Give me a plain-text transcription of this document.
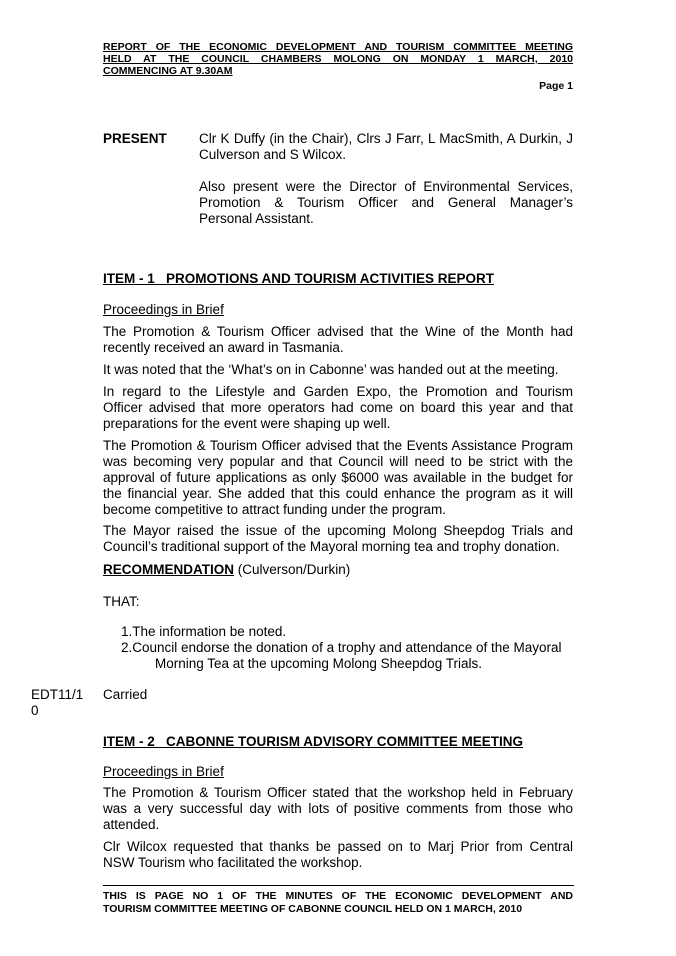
REPORT OF THE ECONOMIC DEVELOPMENT AND TOURISM COMMITTEE MEETING
HELD AT THE COUNCIL CHAMBERS MOLONG ON MONDAY 1 MARCH, 2010
COMMENCING AT 9.30AM
Page 1
PRESENT Clr K Duffy (in the Chair), Clrs J Farr, L MacSmith, A Durkin, J
Culverson and S Wilcox.
Also present were the Director of Environmental Services,
Promotion & Tourism Officer and General Manager’s
Personal Assistant.
ITEM - 1   PROMOTIONS AND TOURISM ACTIVITIES REPORT
Proceedings in Brief
The Promotion & Tourism Officer advised that the Wine of the Month had
recently received an award in Tasmania.
It was noted that the ‘What’s on in Cabonne’ was handed out at the meeting.
In regard to the Lifestyle and Garden Expo, the Promotion and Tourism
Officer advised that more operators had come on board this year and that
preparations for the event were shaping up well.
The Promotion & Tourism Officer advised that the Events Assistance Program
was becoming very popular and that Council will need to be strict with the
approval of future applications as only $6000 was available in the budget for
the financial year. She added that this could enhance the program as it will
become competitive to attract funding under the program.
The Mayor raised the issue of the upcoming Molong Sheepdog Trials and
Council’s traditional support of the Mayoral morning tea and trophy donation.
RECOMMENDATION (Culverson/Durkin)
THAT:
1.The information be noted.
2.Council endorse the donation of a trophy and attendance of the Mayoral
Morning Tea at the upcoming Molong Sheepdog Trials.
EDT11/1
0
Carried
ITEM - 2   CABONNE TOURISM ADVISORY COMMITTEE MEETING
Proceedings in Brief
The Promotion & Tourism Officer stated that the workshop held in February
was a very successful day with lots of positive comments from those who
attended.
Clr Wilcox requested that thanks be passed on to Marj Prior from Central
NSW Tourism who facilitated the workshop.
THIS IS PAGE NO 1 OF THE MINUTES OF THE ECONOMIC DEVELOPMENT AND
TOURISM COMMITTEE MEETING OF CABONNE COUNCIL HELD ON 1 MARCH, 2010
